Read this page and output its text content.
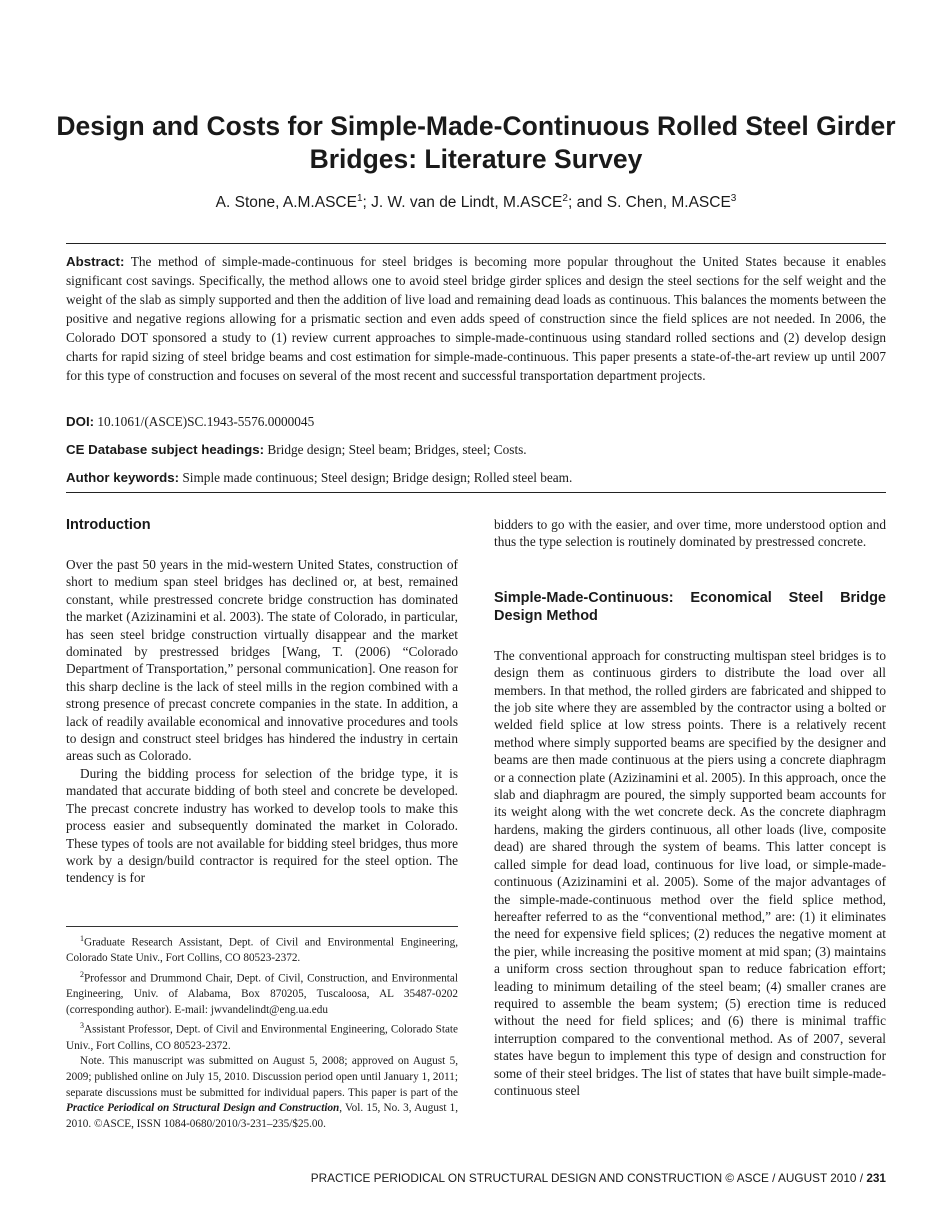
Design and Costs for Simple-Made-Continuous Rolled Steel Girder Bridges: Literature Survey
A. Stone, A.M.ASCE$^1$; J. W. van de Lindt, M.ASCE$^2$; and S. Chen, M.ASCE$^3$
Abstract: The method of simple-made-continuous for steel bridges is becoming more popular throughout the United States because it enables significant cost savings. Specifically, the method allows one to avoid steel bridge girder splices and design the steel sections for the self weight and the weight of the slab as simply supported and then the addition of live load and remaining dead loads as continuous. This balances the moments between the positive and negative regions allowing for a prismatic section and even adds speed of construction since the field splices are not needed. In 2006, the Colorado DOT sponsored a study to (1) review current approaches to simple-made-continuous using standard rolled sections and (2) develop design charts for rapid sizing of steel bridge beams and cost estimation for simple-made-continuous. This paper presents a state-of-the-art review up until 2007 for this type of construction and focuses on several of the most recent and successful transportation department projects.
DOI: 10.1061/(ASCE)SC.1943-5576.0000045
CE Database subject headings: Bridge design; Steel beam; Bridges, steel; Costs.
Author keywords: Simple made continuous; Steel design; Bridge design; Rolled steel beam.
Introduction

Over the past 50 years in the mid-western United States, construction of short to medium span steel bridges has declined or, at best, remained constant, while prestressed concrete bridge construction has dominated the market (Azizinamini et al. 2003). The state of Colorado, in particular, has seen steel bridge construction virtually disappear and the market dominated by prestressed bridges [Wang, T. (2006) “Colorado Department of Transportation,” personal communication]. One reason for this sharp decline is the lack of steel mills in the region combined with a strong presence of precast concrete companies in the state. In addition, a lack of readily available economical and innovative procedures and tools to design and construct steel bridges has hindered the industry in certain areas such as Colorado.

During the bidding process for selection of the bridge type, it is mandated that accurate bidding of both steel and concrete be developed. The precast concrete industry has worked to develop tools to make this process easier and subsequently dominated the market in Colorado. These types of tools are not available for bidding steel bridges, thus more work by a design/build contractor is required for the steel option. The tendency is for

$^1$Graduate Research Assistant, Dept. of Civil and Environmental Engineering, Colorado State Univ., Fort Collins, CO 80523-2372.

$^2$Professor and Drummond Chair, Dept. of Civil, Construction, and Environmental Engineering, Univ. of Alabama, Box 870205, Tuscaloosa, AL 35487-0202 (corresponding author). E-mail: jwvandelindt@eng.ua.edu

$^3$Assistant Professor, Dept. of Civil and Environmental Engineering, Colorado State Univ., Fort Collins, CO 80523-2372.

Note. This manuscript was submitted on August 5, 2008; approved on August 5, 2009; published online on July 15, 2010. Discussion period open until January 1, 2011; separate discussions must be submitted for individual papers. This paper is part of the Practice Periodical on Structural Design and Construction, Vol. 15, No. 3, August 1, 2010. ©ASCE, ISSN 1084-0680/2010/3-231–235/$25.00.

bidders to go with the easier, and over time, more understood option and thus the type selection is routinely dominated by prestressed concrete.

Simple-Made-Continuous: Economical Steel Bridge Design Method

The conventional approach for constructing multispan steel bridges is to design them as continuous girders to distribute the load over all members. In that method, the rolled girders are fabricated and shipped to the job site where they are assembled by the contractor using a bolted or welded field splice at low stress points. There is a relatively recent method where simply supported beams are specified by the designer and beams are then made continuous at the piers using a concrete diaphragm or a connection plate (Azizinamini et al. 2005). In this approach, once the slab and diaphragm are poured, the simply supported beam accounts for its weight along with the wet concrete deck. As the concrete diaphragm hardens, making the girders continuous, all other loads (live, composite dead) are shared through the system of beams. This latter concept is called simple for dead load, continuous for live load, or simple-made-continuous (Azizinamini et al. 2005). Some of the major advantages of the simple-made-continuous method over the field splice method, hereafter referred to as the “conventional method,” are: (1) it eliminates the need for expensive field splices; (2) reduces the negative moment at the pier, while increasing the positive moment at mid span; (3) maintains a uniform cross section throughout span to reduce fabrication effort; leading to minimum detailing of the steel beam; (4) smaller cranes are required to assemble the beam system; (5) erection time is reduced without the need for field splices; and (6) there is minimal traffic interruption compared to the conventional method. As of 2007, several states have begun to implement this type of design and construction for some of their steel bridges. The list of states that have built simple-made-continuous steel

PRACTICE PERIODICAL ON STRUCTURAL DESIGN AND CONSTRUCTION © ASCE / AUGUST 2010 / 231
